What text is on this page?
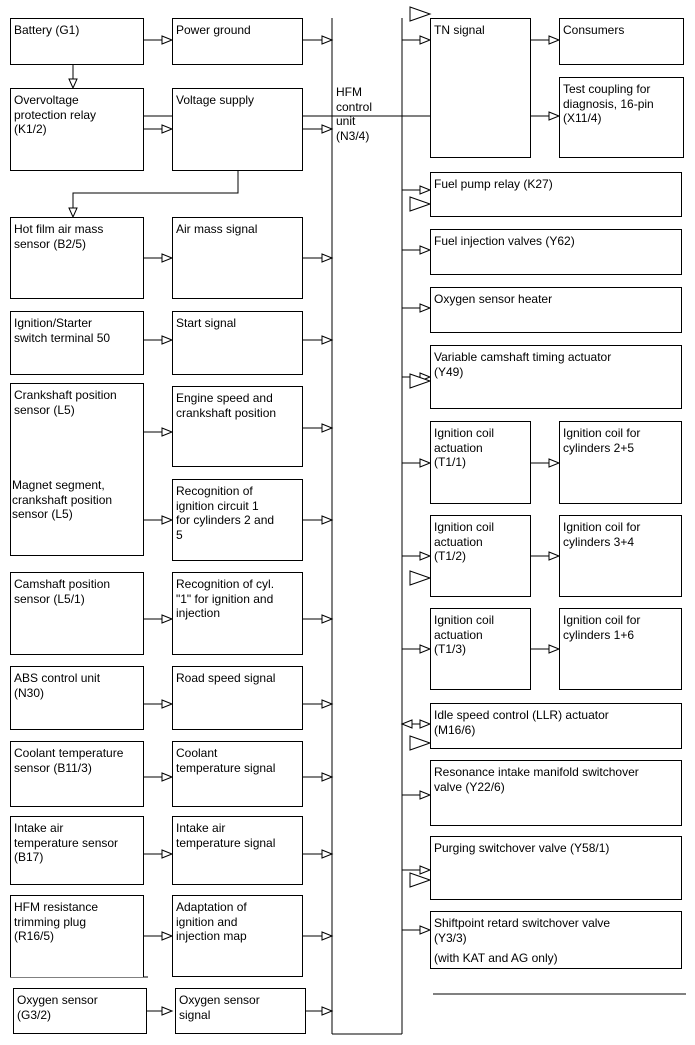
HFM
control
unit
(N3/4)
Battery (G1)	Power ground
Overvoltage
protection relay
(K1/2)
Voltage supply
Hot film air mass
sensor (B2/5)
Air mass signal
Ignition/Starter
switch terminal 50
Start signal
Crankshaft position
sensor (L5)
Magnet segment,
crankshaft position
sensor (L5)
Engine speed and
crankshaft position
Recognition of
ignition circuit 1
for cylinders 2 and
5
Camshaft position
sensor (L5/1)
Recognition of cyl.
"1" for ignition and
injection
ABS control unit
(N30)
Road speed signal
Coolant temperature
sensor (B11/3)
Coolant
temperature signal
Intake air
temperature sensor
(B17)
Intake air
temperature signal
HFM resistance
trimming plug
(R16/5)
Adaptation of
ignition and
injection map
Oxygen sensor
(G3/2)
Oxygen sensor
signal
TN signal	Consumers
Test coupling for
diagnosis, 16-pin
(X11/4)
Fuel pump relay (K27)
Fuel injection valves (Y62)
Oxygen sensor heater
Variable camshaft timing actuator
(Y49)
Ignition coil
actuation
(T1/1)
Ignition coil for
cylinders 2+5
Ignition coil
actuation
(T1/2)
Ignition coil for
cylinders 3+4
Ignition coil
actuation
(T1/3)
Ignition coil for
cylinders 1+6
Idle speed control (LLR) actuator
(M16/6)
Resonance intake manifold switchover
valve (Y22/6)
Purging switchover valve (Y58/1)
Shiftpoint retard switchover valve
(Y3/3)
(with KAT and AG only)
